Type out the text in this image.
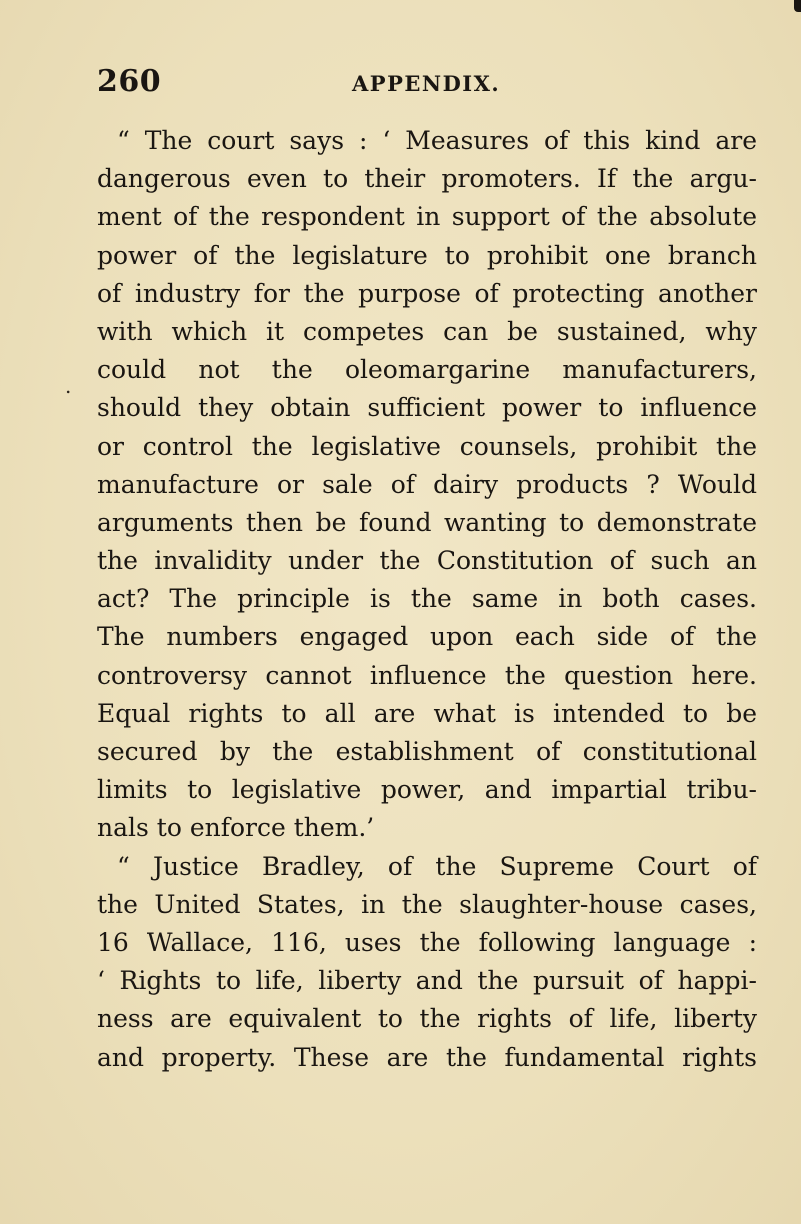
260	APPENDIX.
.
“ The court says : ‘ Measures of this kind are
dangerous even to their promoters. If the argu-
ment of the respondent in support of the absolute
power of the legislature to prohibit one branch
of industry for the purpose of protecting another
with which it competes can be sustained, why
could not the oleomargarine manufacturers,
should they obtain sufficient power to influence
or control the legislative counsels, prohibit the
manufacture or sale of dairy products ? Would
arguments then be found wanting to demonstrate
the invalidity under the Constitution of such an
act? The principle is the same in both cases.
The numbers engaged upon each side of the
controversy cannot influence the question here.
Equal rights to all are what is intended to be
secured by the establishment of constitutional
limits to legislative power, and impartial tribu-
nals to enforce them.’
“ Justice Bradley, of the Supreme Court of
the United States, in the slaughter-house cases,
16 Wallace, 116, uses the following language :
‘ Rights to life, liberty and the pursuit of happi-
ness are equivalent to the rights of life, liberty
and property. These are the fundamental rights
